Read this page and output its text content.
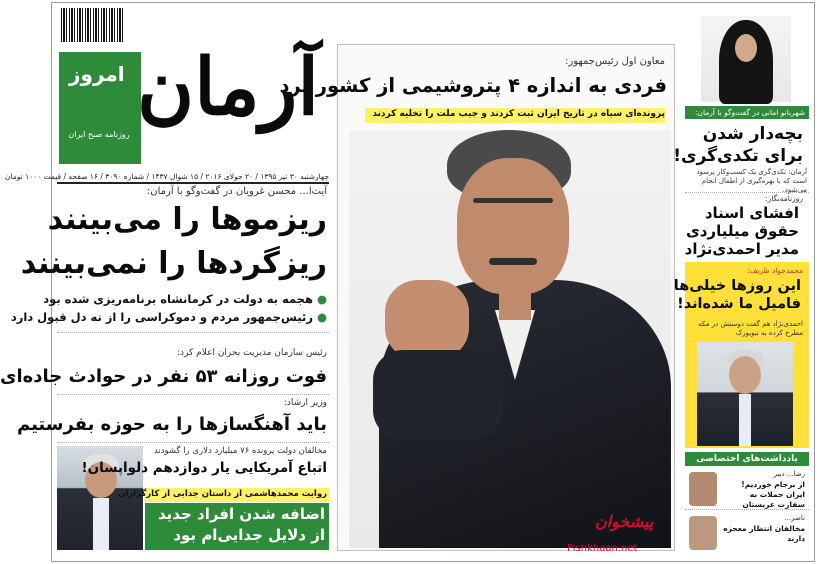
امروز آرمان
روزنامه صبح ایران
چهارشنبه ۳۰ تیر ۱۳۹۵ / ۲۰ جولای ۲۰۱۶ / ۱۵ شوال ۱۴۳۷ / شماره ۳۰۹۰ / ۱۶ صفحه / قیمت ۱۰۰۰ تومان
آیت‌ا... محسن غرویان در گفت‌وگو با آرمان:
ریزموها را می‌بینند
ریزگردها را نمی‌بینند
● هجمه به دولت در کرمانشاه برنامه‌ریزی شده بود
● رئیس‌جمهور مردم و دموکراسی را از ته دل قبول دارد
رئیس سازمان مدیریت بحران اعلام کرد:
فوت روزانه ۵۳ نفر در حوادث جاده‌ای
وزیر ارشاد:
باید آهنگسازها را به حوزه بفرستیم
مخالفان دولت پرونده ۷۶ میلیارد دلاری را گشودند
اتباع آمریکایی یار دوازدهم دلواپسان!
روایت محمدهاشمی از داستان جدایی از کارگزاران
اضافه شدن افراد جدید
از دلایل جدایی‌ام بود
معاون اول رئیس‌جمهور:
فردی به اندازه ۴ پتروشیمی از کشور برد
پرونده‌ای سیاه در تاریخ ایران ثبت کردند و جیب ملت را تخلیه کردند
پیشخوان
Pishkhaan.net
شهربانو امانی در گفت‌وگو با آرمان:
بچه‌دار شدن
برای تکدی‌گری!
آرمان: تکدی‌گری یک کسب‌وکار پرسود است که با بهره‌گیری از اطفال انجام می‌شود.
روزنامه‌نگار:
افشای اسناد
حقوق میلیاردی
مدیر احمدی‌نژاد
محمدجواد ظریف:
این روزها خیلی‌ها
فامیل ما شده‌اند!
احمدی‌نژاد هم گفت دوستش در مکه مطرح کرده به نیویورک
یادداشت‌های اختصاصی
رضا... دبیر
از برجام خوردیم! ایران حملات به سفارت عربستان
ناصر...
مخالفان انتظار معجزه دارند
